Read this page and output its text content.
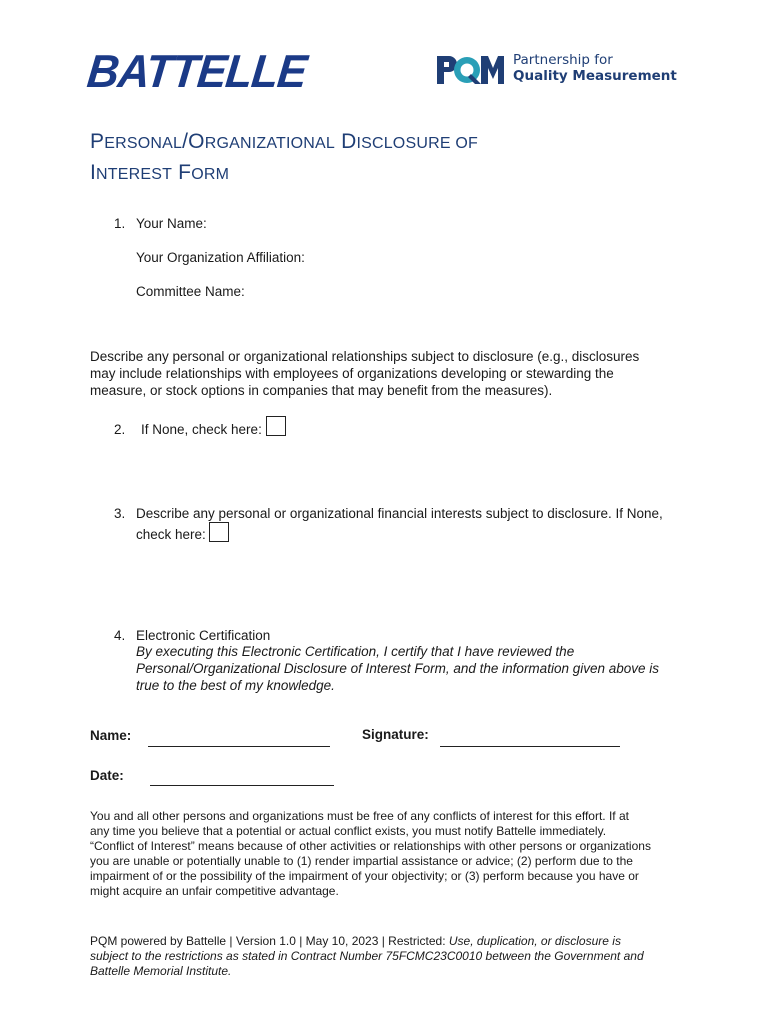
BATTELLE	Partnership for
Quality Measurement
PERSONAL/ORGANIZATIONAL DISCLOSURE OF
INTEREST FORM
1. Your Name:
Your Organization Affiliation:
Committee Name:
Describe any personal or organizational relationships subject to disclosure (e.g., disclosures
may include relationships with employees of organizations developing or stewarding the
measure, or stock options in companies that may benefit from the measures).
2. If None, check here:
3. Describe any personal or organizational financial interests subject to disclosure. If None,
check here:
4. Electronic Certification
By executing this Electronic Certification, I certify that I have reviewed the
Personal/Organizational Disclosure of Interest Form, and the information given above is
true to the best of my knowledge.
Name:	Signature:
Date:
You and all other persons and organizations must be free of any conflicts of interest for this effort. If at
any time you believe that a potential or actual conflict exists, you must notify Battelle immediately.
“Conflict of Interest” means because of other activities or relationships with other persons or organizations
you are unable or potentially unable to (1) render impartial assistance or advice; (2) perform due to the
impairment of or the possibility of the impairment of your objectivity; or (3) perform because you have or
might acquire an unfair competitive advantage.
PQM powered by Battelle | Version 1.0 | May 10, 2023 | Restricted: Use, duplication, or disclosure is
subject to the restrictions as stated in Contract Number 75FCMC23C0010 between the Government and
Battelle Memorial Institute.
